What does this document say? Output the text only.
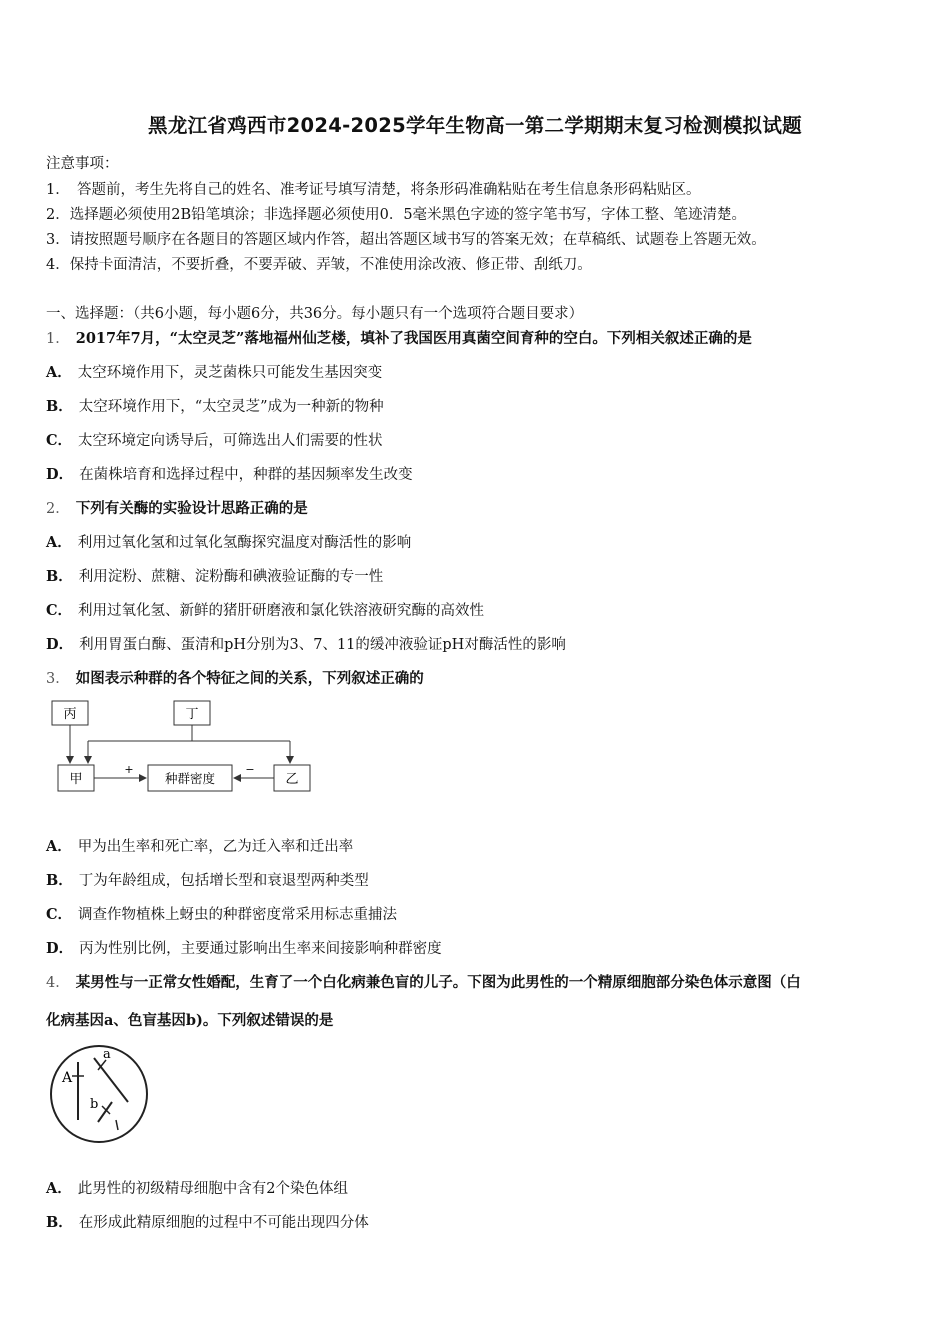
黑龙江省鸡西市2024-2025学年生物高一第二学期期末复习检测模拟试题
注意事项：
1．　答题前，考生先将自己的姓名、准考证号填写清楚，将条形码准确粘贴在考生信息条形码粘贴区。
2．选择题必须使用2B铅笔填涂；非选择题必须使用0．5毫米黑色字迹的签字笔书写，字体工整、笔迹清楚。
3．请按照题号顺序在各题目的答题区域内作答，超出答题区域书写的答案无效；在草稿纸、试题卷上答题无效。
4．保持卡面清洁，不要折叠，不要弄破、弄皱，不准使用涂改液、修正带、刮纸刀。
一、选择题：（共6小题，每小题6分，共36分。每小题只有一个选项符合题目要求）
1． 2017年7月，“太空灵芝”落地福州仙芝楼，填补了我国医用真菌空间育种的空白。下列相关叙述正确的是
A． 太空环境作用下，灵芝菌株只可能发生基因突变
B． 太空环境作用下，“太空灵芝”成为一种新的物种
C． 太空环境定向诱导后，可筛选出人们需要的性状
D． 在菌株培育和选择过程中，种群的基因频率发生改变
2． 下列有关酶的实验设计思路正确的是
A． 利用过氧化氢和过氧化氢酶探究温度对酶活性的影响
B． 利用淀粉、蔗糖、淀粉酶和碘液验证酶的专一性
C． 利用过氧化氢、新鲜的猪肝研磨液和氯化铁溶液研究酶的高效性
D． 利用胃蛋白酶、蛋清和pH分别为3、7、11的缓冲液验证pH对酶活性的影响
3． 如图表示种群的各个特征之间的关系，下列叙述正确的
丙	丁
甲	种群密度	乙
+	−
A． 甲为出生率和死亡率，乙为迁入率和迁出率
B． 丁为年龄组成，包括增长型和衰退型两种类型
C． 调查作物植株上蚜虫的种群密度常采用标志重捕法
D． 丙为性别比例，主要通过影响出生率来间接影响种群密度
4． 某男性与一正常女性婚配，生育了一个白化病兼色盲的儿子。下图为此男性的一个精原细胞部分染色体示意图（白
化病基因a、色盲基因b)。下列叙述错误的是
A
a
b
A． 此男性的初级精母细胞中含有2个染色体组
B． 在形成此精原细胞的过程中不可能出现四分体
